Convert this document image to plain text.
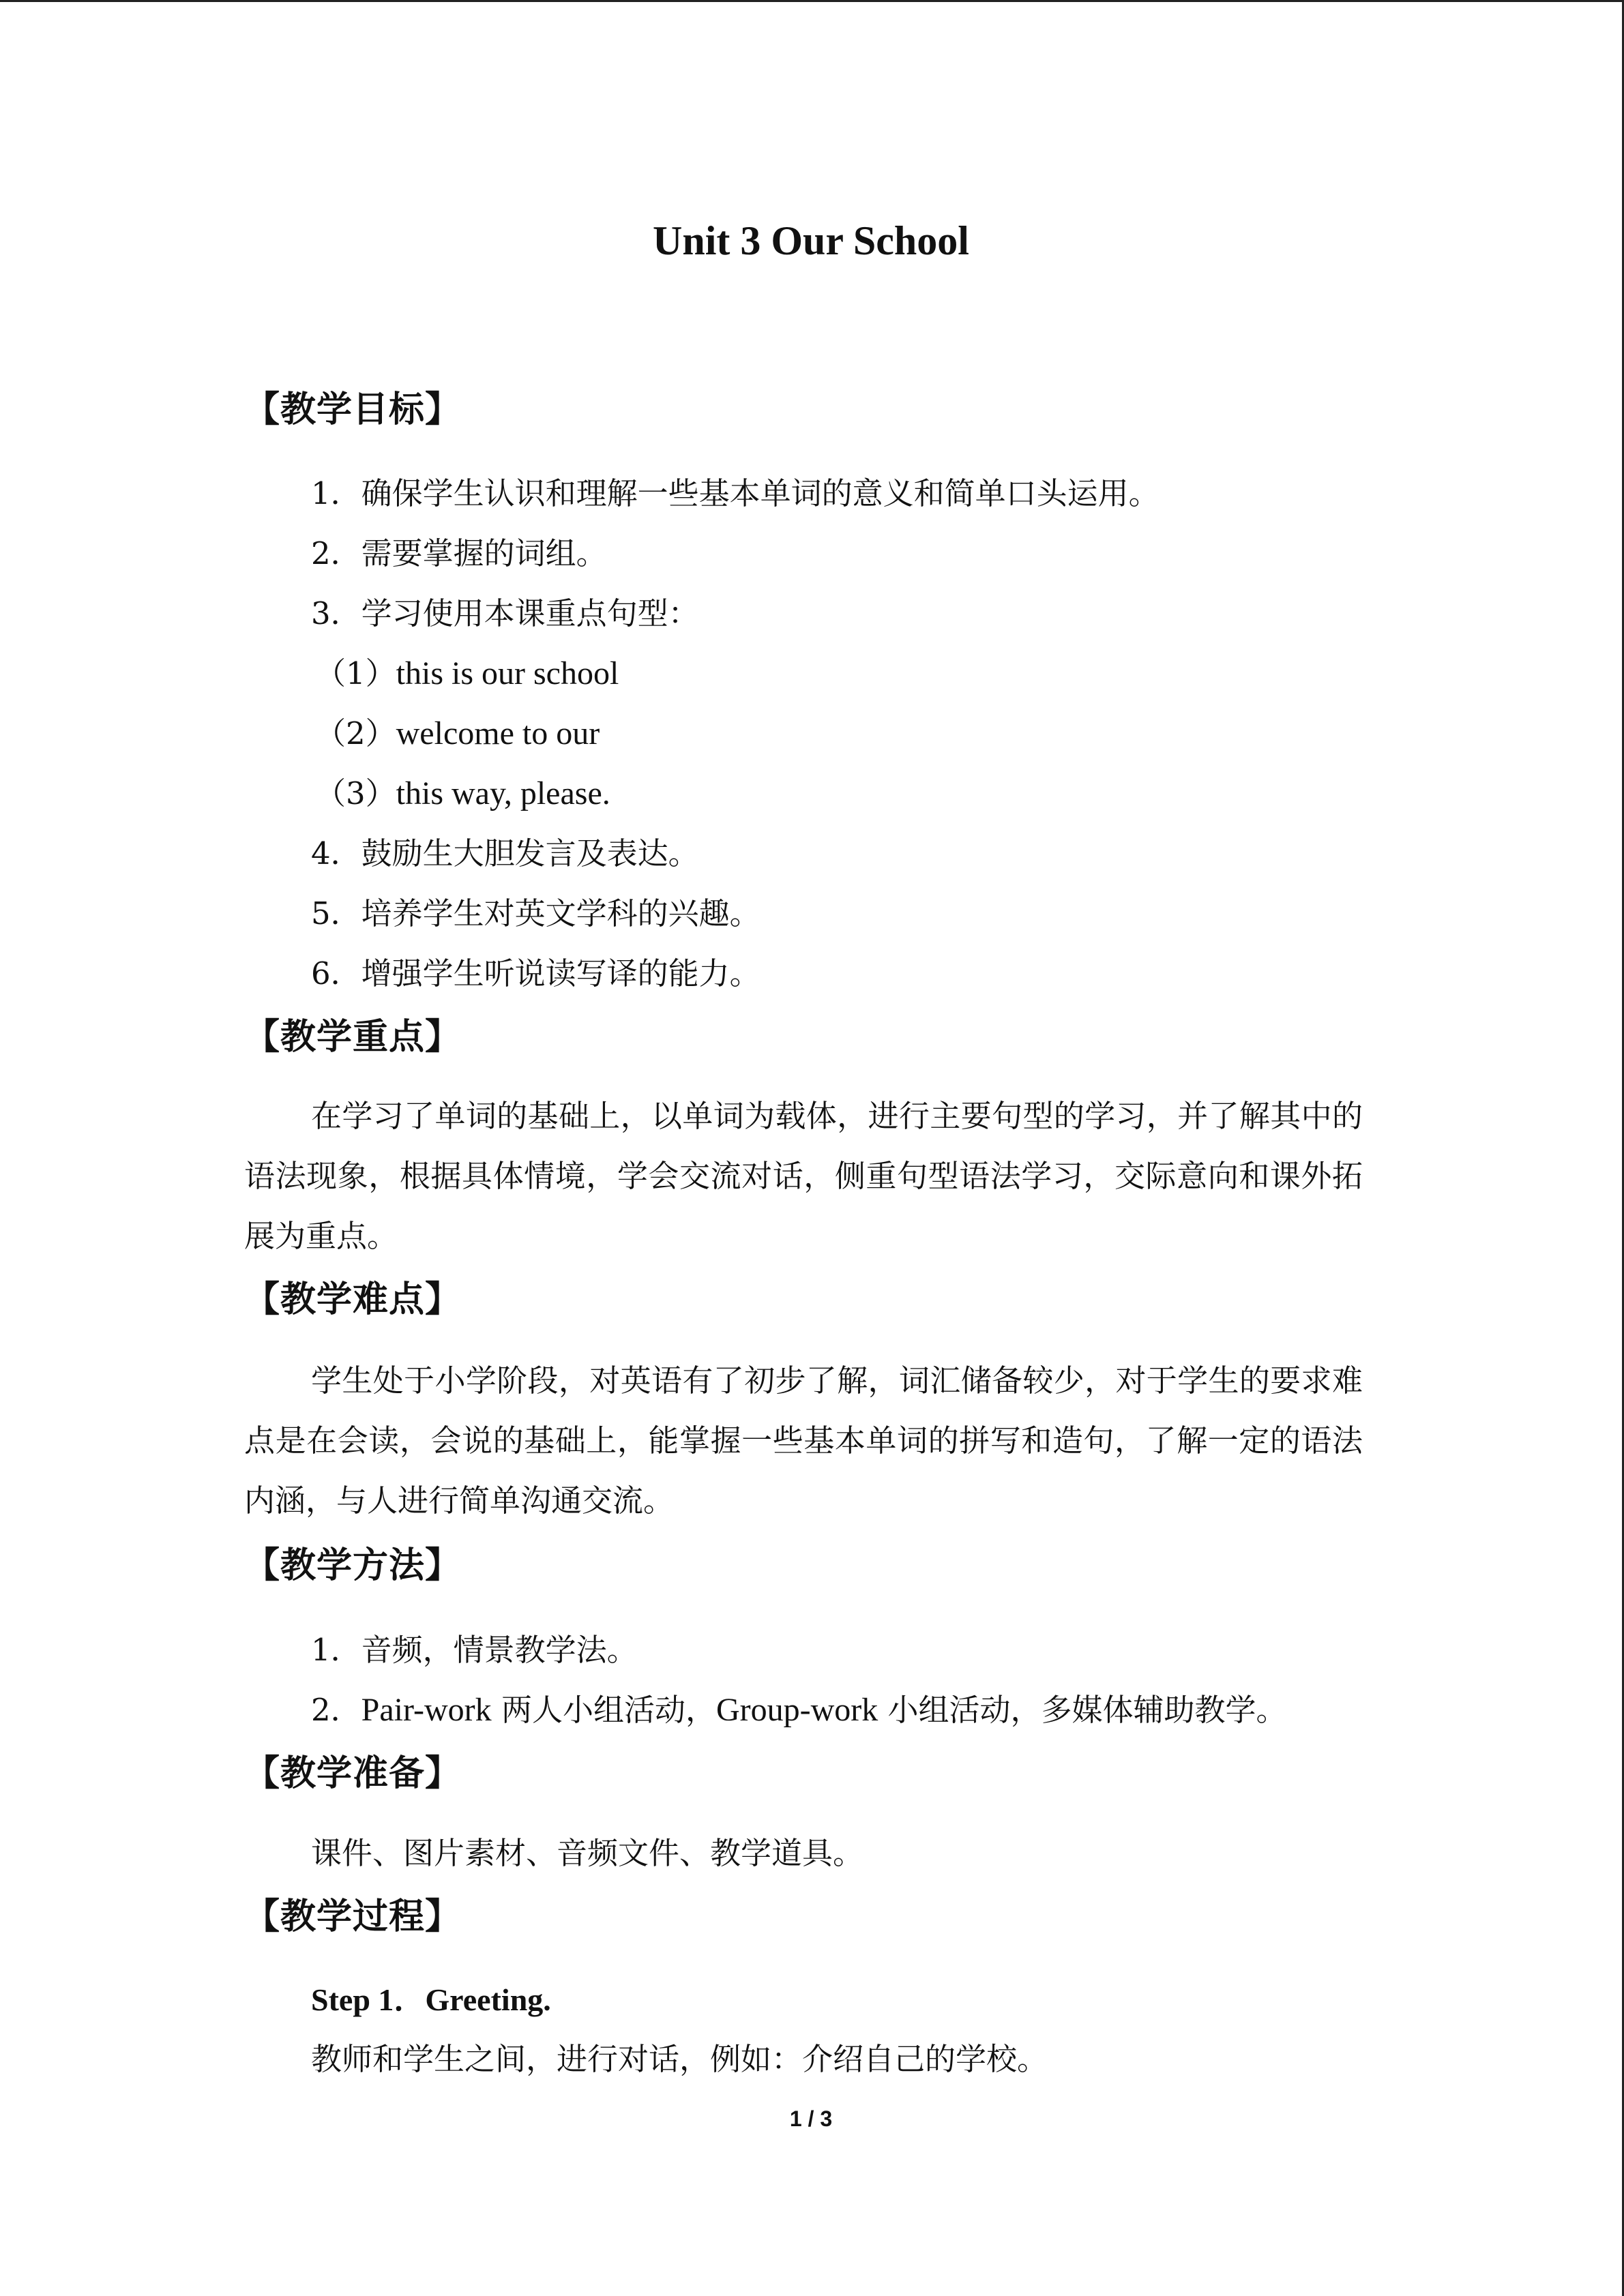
Unit 3 Our School
【教学目标】
1．确保学生认识和理解一些基本单词的意义和简单口头运用。
2．需要掌握的词组。
3．学习使用本课重点句型：
（1）this is our school
（2）welcome to our
（3）this way, please.
4．鼓励生大胆发言及表达。
5．培养学生对英文学科的兴趣。
6．增强学生听说读写译的能力。
【教学重点】
在学习了单词的基础上，以单词为载体，进行主要句型的学习，并了解其中的语法现象，根据具体情境，学会交流对话，侧重句型语法学习，交际意向和课外拓展为重点。
【教学难点】
学生处于小学阶段，对英语有了初步了解，词汇储备较少，对于学生的要求难点是在会读，会说的基础上，能掌握一些基本单词的拼写和造句，了解一定的语法内涵，与人进行简单沟通交流。
【教学方法】
1．音频，情景教学法。
2．Pair-work 两人小组活动，Group-work 小组活动，多媒体辅助教学。
【教学准备】
课件、图片素材、音频文件、教学道具。
【教学过程】
Step 1．Greeting.
教师和学生之间，进行对话，例如：介绍自己的学校。
1 / 3
